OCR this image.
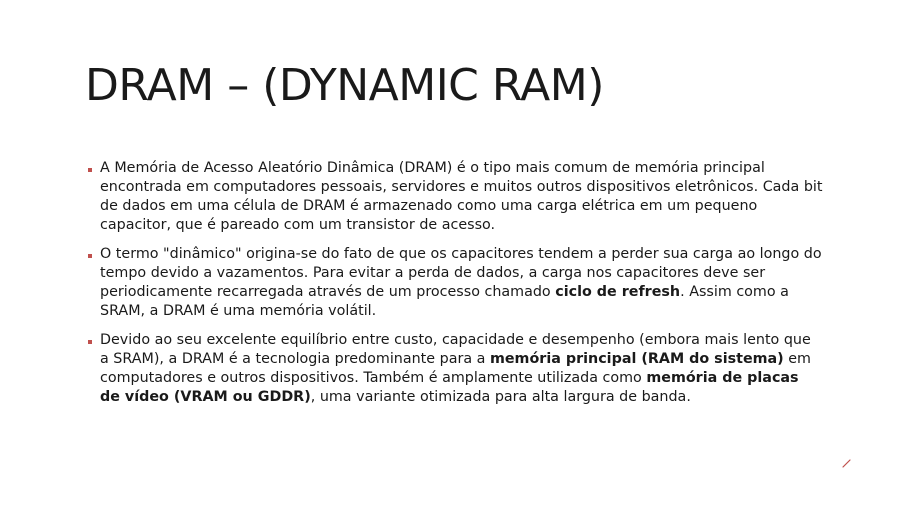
DRAM – (DYNAMIC RAM)
A Memória de Acesso Aleatório Dinâmica (DRAM) é o tipo mais comum de memória principal encontrada em computadores pessoais, servidores e muitos outros dispositivos eletrônicos. Cada bit de dados em uma célula de DRAM é armazenado como uma carga elétrica em um pequeno capacitor, que é pareado com um transistor de acesso.
O termo "dinâmico" origina-se do fato de que os capacitores tendem a perder sua carga ao longo do tempo devido a vazamentos. Para evitar a perda de dados, a carga nos capacitores deve ser periodicamente recarregada através de um processo chamado ciclo de refresh. Assim como a SRAM, a DRAM é uma memória volátil.
Devido ao seu excelente equilíbrio entre custo, capacidade e desempenho (embora mais lento que a SRAM), a DRAM é a tecnologia predominante para a memória principal (RAM do sistema) em computadores e outros dispositivos. Também é amplamente utilizada como memória de placas de vídeo (VRAM ou GDDR), uma variante otimizada para alta largura de banda.
